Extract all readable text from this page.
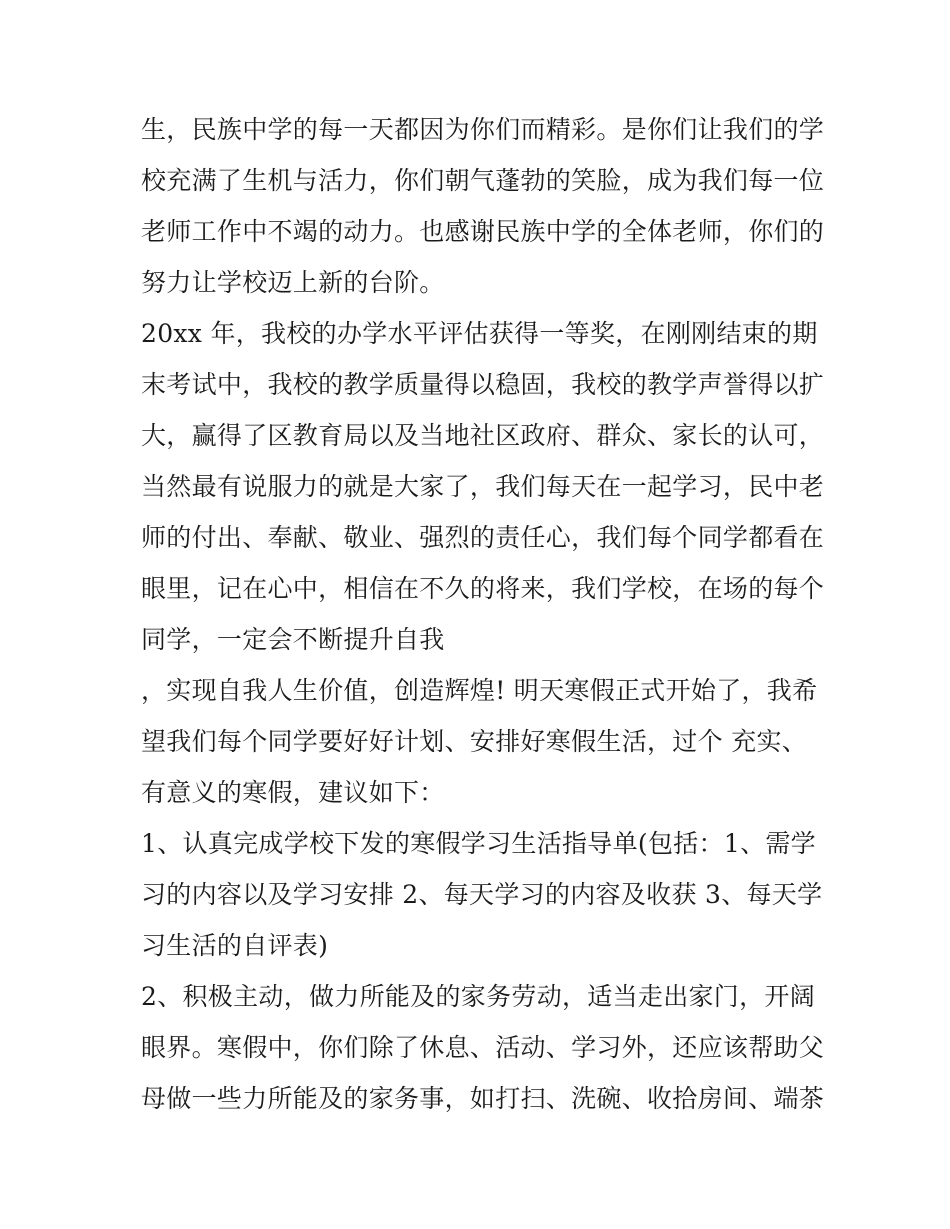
生，民族中学的每一天都因为你们而精彩。是你们让我们的学
校充满了生机与活力，你们朝气蓬勃的笑脸，成为我们每一位
老师工作中不竭的动力。也感谢民族中学的全体老师，你们的
努力让学校迈上新的台阶。
20xx 年，我校的办学水平评估获得一等奖，在刚刚结束的期
末考试中，我校的教学质量得以稳固，我校的教学声誉得以扩
大，赢得了区教育局以及当地社区政府、群众、家长的认可，
当然最有说服力的就是大家了，我们每天在一起学习，民中老
师的付出、奉献、敬业、强烈的责任心，我们每个同学都看在
眼里，记在心中，相信在不久的将来，我们学校，在场的每个
同学，一定会不断提升自我
，实现自我人生价值，创造辉煌! 明天寒假正式开始了，我希
望我们每个同学要好好计划、安排好寒假生活，过个 充实、
有意义的寒假，建议如下：
1、认真完成学校下发的寒假学习生活指导单(包括：1、需学
习的内容以及学习安排 2、每天学习的内容及收获 3、每天学
习生活的自评表)
2、积极主动，做力所能及的家务劳动，适当走出家门，开阔
眼界。寒假中，你们除了休息、活动、学习外，还应该帮助父
母做一些力所能及的家务事，如打扫、洗碗、收拾房间、端茶
